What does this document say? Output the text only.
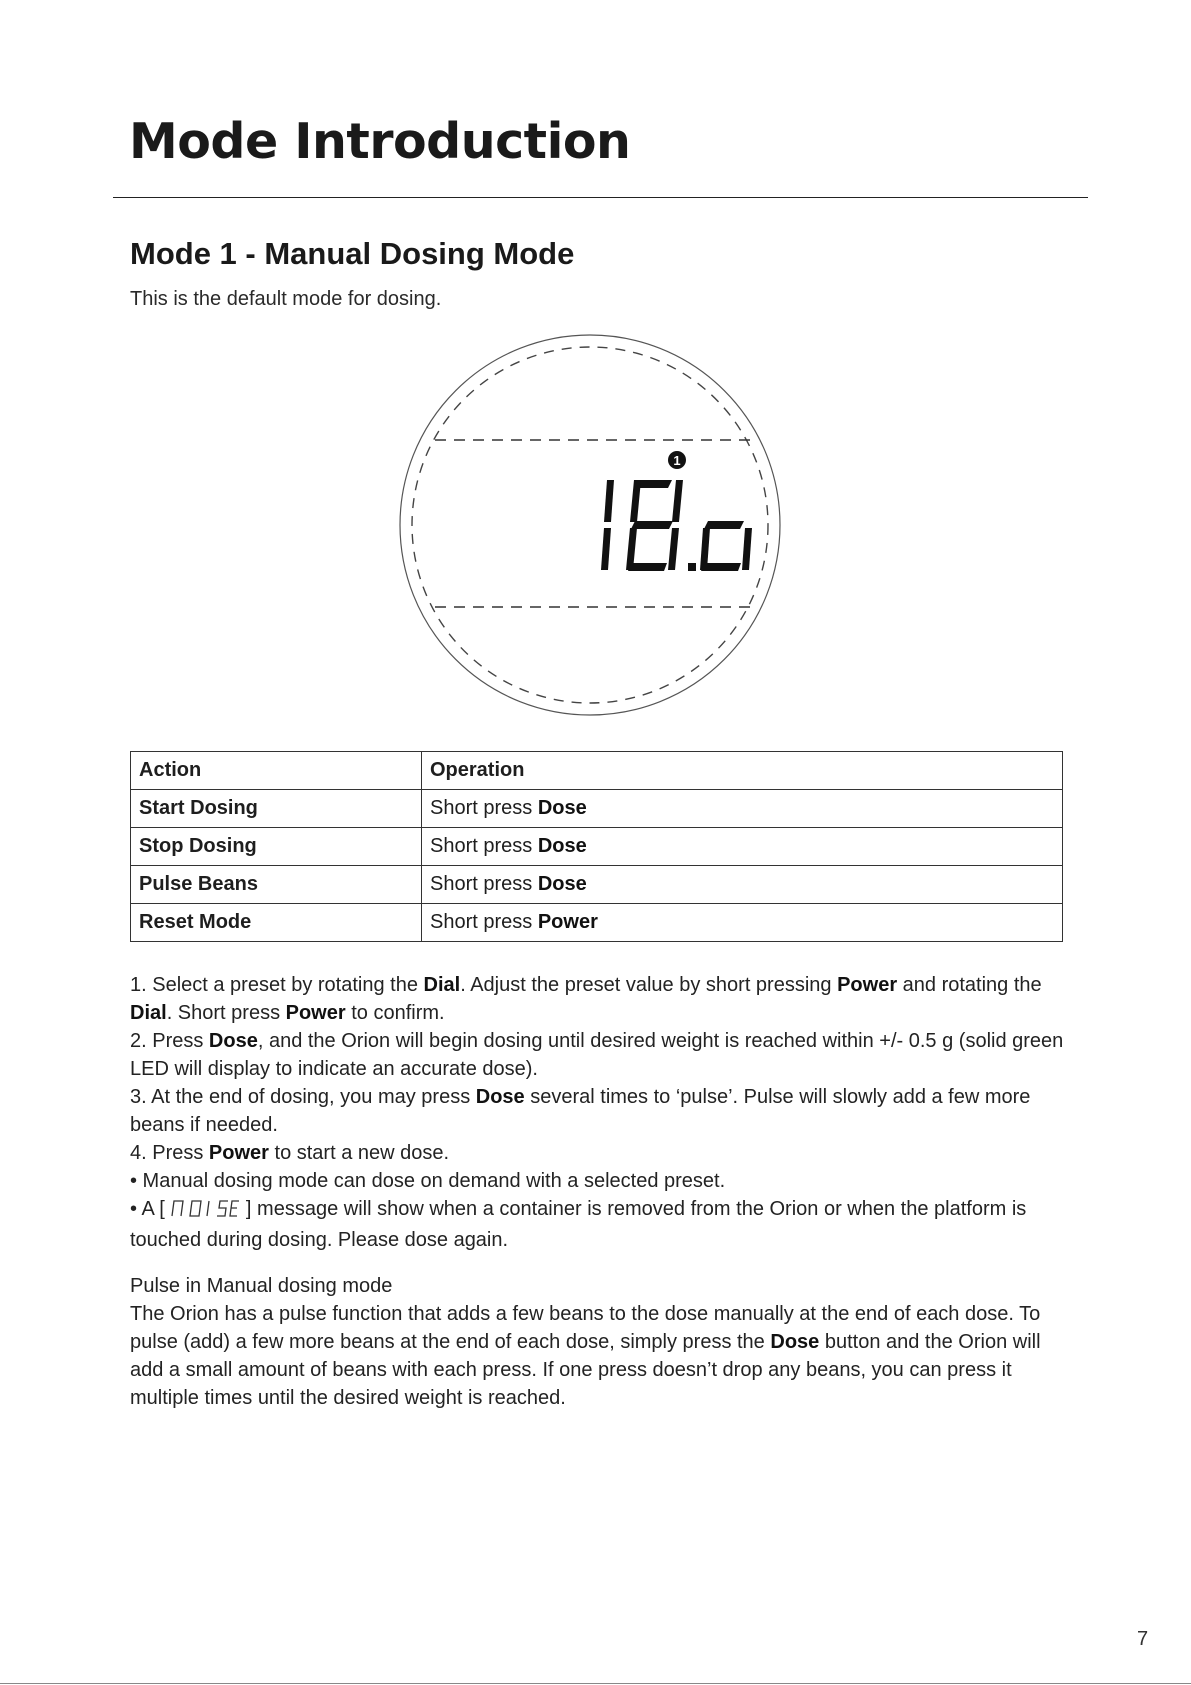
Mode Introduction
Mode 1 - Manual Dosing Mode
This is the default mode for dosing.
1
Action	Operation
Start Dosing	Short press Dose
Stop Dosing	Short press Dose
Pulse Beans	Short press Dose
Reset Mode	Short press Power

1. Select a preset by rotating the Dial. Adjust the preset value by short pressing Power and rotating the Dial. Short press Power to confirm.

2. Press Dose, and the Orion will begin dosing until desired weight is reached within +/- 0.5 g (solid green LED will display to indicate an accurate dose).

3. At the end of dosing, you may press Dose several times to ‘pulse’. Pulse will slowly add a few more beans if needed.

4. Press Power to start a new dose.

• Manual dosing mode can dose on demand with a selected preset.

• A [	] message will show when a container is removed from the Orion or when the platform is touched during dosing. Please dose again.

Pulse in Manual dosing mode

The Orion has a pulse function that adds a few beans to the dose manually at the end of each dose. To pulse (add) a few more beans at the end of each dose, simply press the Dose button and the Orion will add a small amount of beans with each press. If one press doesn’t drop any beans, you can press it multiple times until the desired weight is reached.

7
